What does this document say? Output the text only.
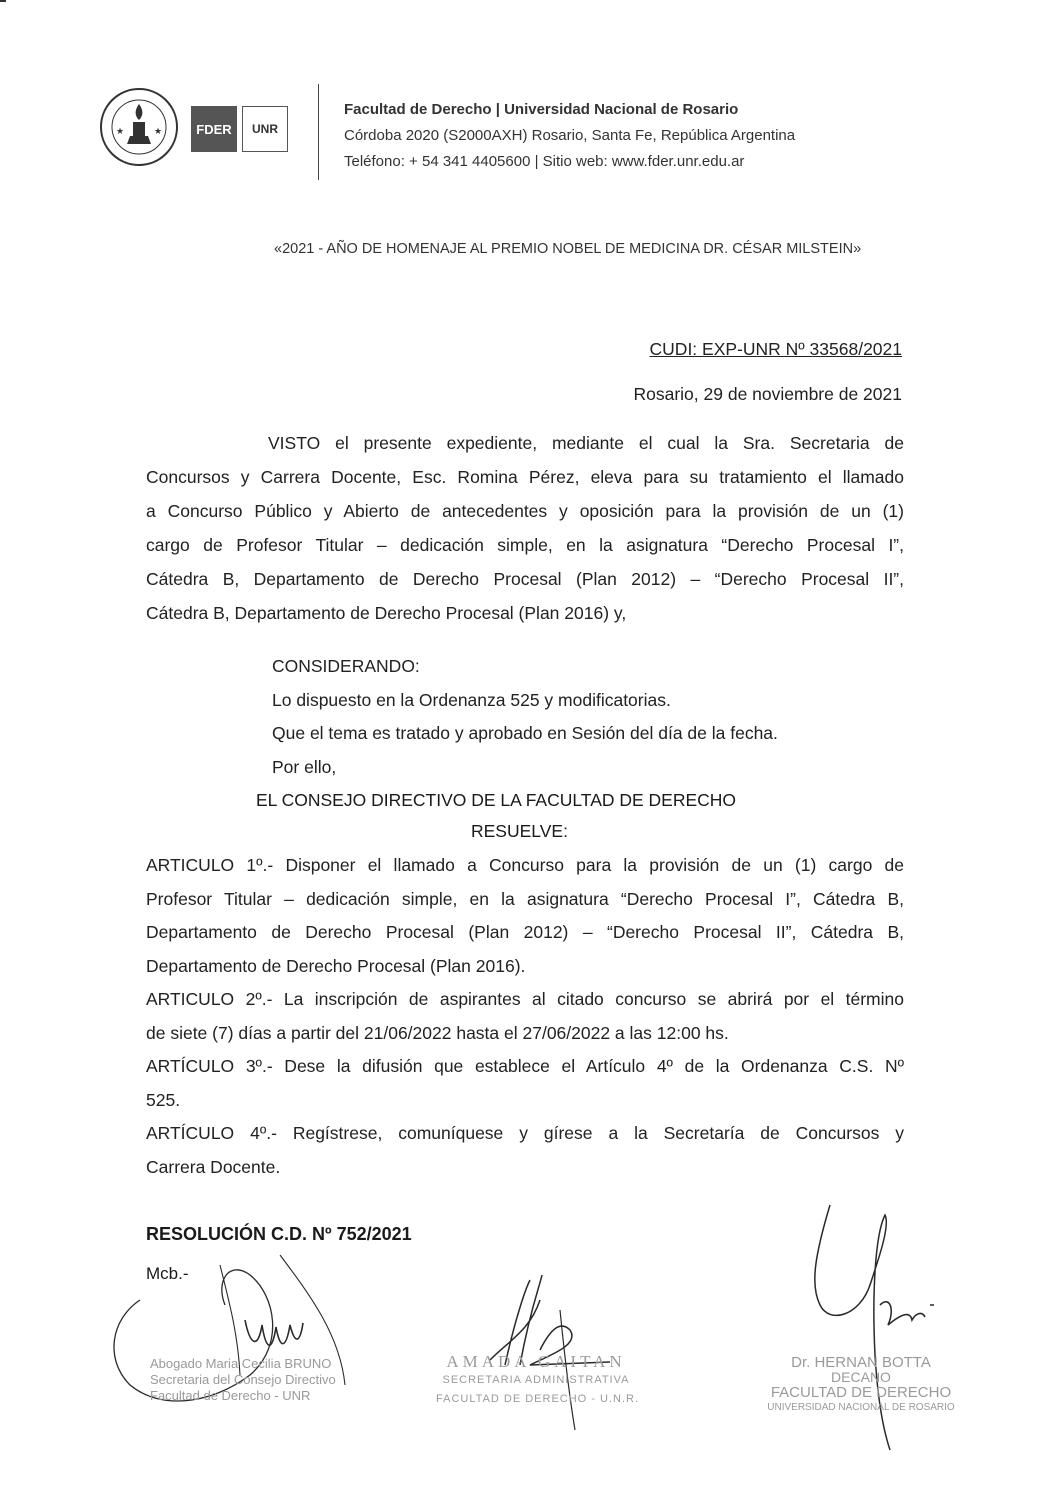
★	★	FDER	UNR
Facultad de Derecho | Universidad Nacional de Rosario
Córdoba 2020 (S2000AXH) Rosario, Santa Fe, República Argentina
Teléfono: + 54 341 4405600 | Sitio web: www.fder.unr.edu.ar
«2021 - AÑO DE HOMENAJE AL PREMIO NOBEL DE MEDICINA DR. CÉSAR MILSTEIN»
CUDI: EXP-UNR Nº 33568/2021
Rosario, 29 de noviembre de 2021
VISTO el presente expediente, mediante el cual la Sra. Secretaria de
Concursos y Carrera Docente, Esc. Romina Pérez, eleva para su tratamiento el llamado
a Concurso Público y Abierto de antecedentes y oposición para la provisión de un (1)
cargo de Profesor Titular – dedicación simple, en la asignatura “Derecho Procesal I”,
Cátedra B, Departamento de Derecho Procesal (Plan 2012) – “Derecho Procesal II”,
Cátedra B, Departamento de Derecho Procesal (Plan 2016) y,
CONSIDERANDO:
Lo dispuesto en la Ordenanza 525 y modificatorias.
Que el tema es tratado y aprobado en Sesión del día de la fecha.
Por ello,
EL CONSEJO DIRECTIVO DE LA FACULTAD DE DERECHO
RESUELVE:
ARTICULO 1º.- Disponer el llamado a Concurso para la provisión de un (1) cargo de
Profesor Titular – dedicación simple, en la asignatura “Derecho Procesal I”, Cátedra B,
Departamento de Derecho Procesal (Plan 2012) – “Derecho Procesal II”, Cátedra B,
Departamento de Derecho Procesal (Plan 2016).
ARTICULO 2º.- La inscripción de aspirantes al citado concurso se abrirá por el término
de siete (7) días a partir del 21/06/2022 hasta el 27/06/2022 a las 12:00 hs.
ARTÍCULO 3º.- Dese la difusión que establece el Artículo 4º de la Ordenanza C.S. Nº
525.
ARTÍCULO 4º.- Regístrese, comuníquese y gírese a la Secretaría de Concursos y
Carrera Docente.
RESOLUCIÓN C.D. Nº 752/2021
Mcb.-
Abogado Maria Cecilia BRUNO
Secretaria del Consejo Directivo
Facultad de Derecho - UNR
AMADA GAITAN
SECRETARIA ADMINISTRATIVA
FACULTAD DE DERECHO - U.N.R.
Dr. HERNAN BOTTA
DECANO
FACULTAD DE DERECHO
UNIVERSIDAD NACIONAL DE ROSARIO
